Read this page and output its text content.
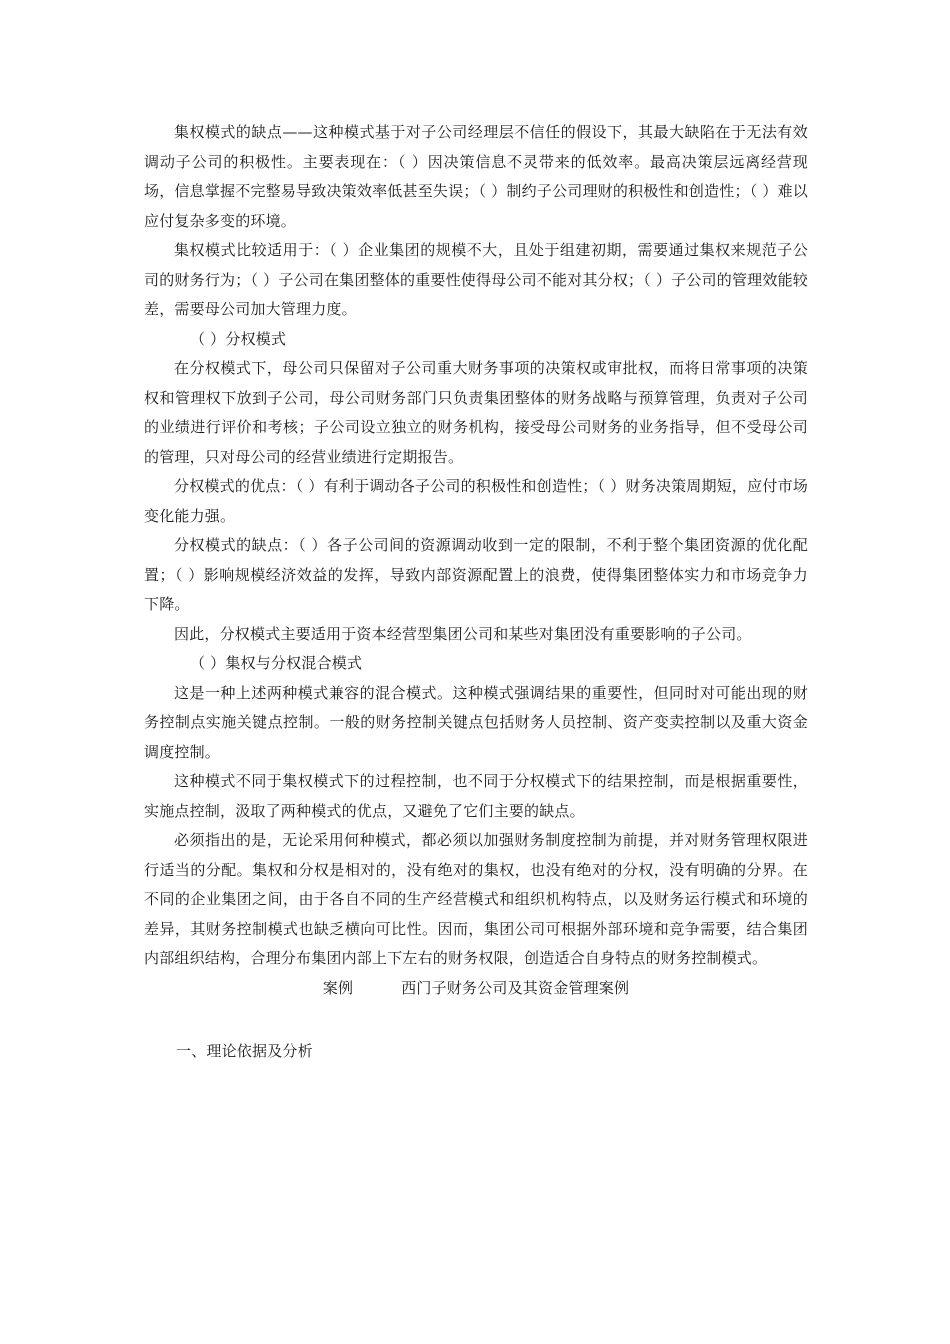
集权模式的缺点——这种模式基于对子公司经理层不信任的假设下，其最大缺陷在于无法有效调动子公司的积极性。主要表现在：（ ）因决策信息不灵带来的低效率。最高决策层远离经营现场，信息掌握不完整易导致决策效率低甚至失误；（ ）制约子公司理财的积极性和创造性；（ ）难以应付复杂多变的环境。

集权模式比较适用于：（ ）企业集团的规模不大，且处于组建初期，需要通过集权来规范子公司的财务行为；（ ）子公司在集团整体的重要性使得母公司不能对其分权；（ ）子公司的管理效能较差，需要母公司加大管理力度。

（ ）分权模式

在分权模式下，母公司只保留对子公司重大财务事项的决策权或审批权，而将日常事项的决策权和管理权下放到子公司，母公司财务部门只负责集团整体的财务战略与预算管理，负责对子公司的业绩进行评价和考核；子公司设立独立的财务机构，接受母公司财务的业务指导，但不受母公司的管理，只对母公司的经营业绩进行定期报告。

分权模式的优点：（ ）有利于调动各子公司的积极性和创造性；（ ）财务决策周期短，应付市场变化能力强。

分权模式的缺点：（ ）各子公司间的资源调动收到一定的限制，不利于整个集团资源的优化配置；（ ）影响规模经济效益的发挥，导致内部资源配置上的浪费，使得集团整体实力和市场竞争力下降。

因此，分权模式主要适用于资本经营型集团公司和某些对集团没有重要影响的子公司。

（ ）集权与分权混合模式

这是一种上述两种模式兼容的混合模式。这种模式强调结果的重要性，但同时对可能出现的财务控制点实施关键点控制。一般的财务控制关键点包括财务人员控制、资产变卖控制以及重大资金调度控制。

这种模式不同于集权模式下的过程控制，也不同于分权模式下的结果控制，而是根据重要性，实施点控制，汲取了两种模式的优点，又避免了它们主要的缺点。

必须指出的是，无论采用何种模式，都必须以加强财务制度控制为前提，并对财务管理权限进行适当的分配。集权和分权是相对的，没有绝对的集权，也没有绝对的分权，没有明确的分界。在不同的企业集团之间，由于各自不同的生产经营模式和组织机构特点，以及财务运行模式和环境的差异，其财务控制模式也缺乏横向可比性。因而，集团公司可根据外部环境和竞争需要，结合集团内部组织结构，合理分布集团内部上下左右的财务权限，创造适合自身特点的财务控制模式。

案例	西门子财务公司及其资金管理案例

一、理论依据及分析
